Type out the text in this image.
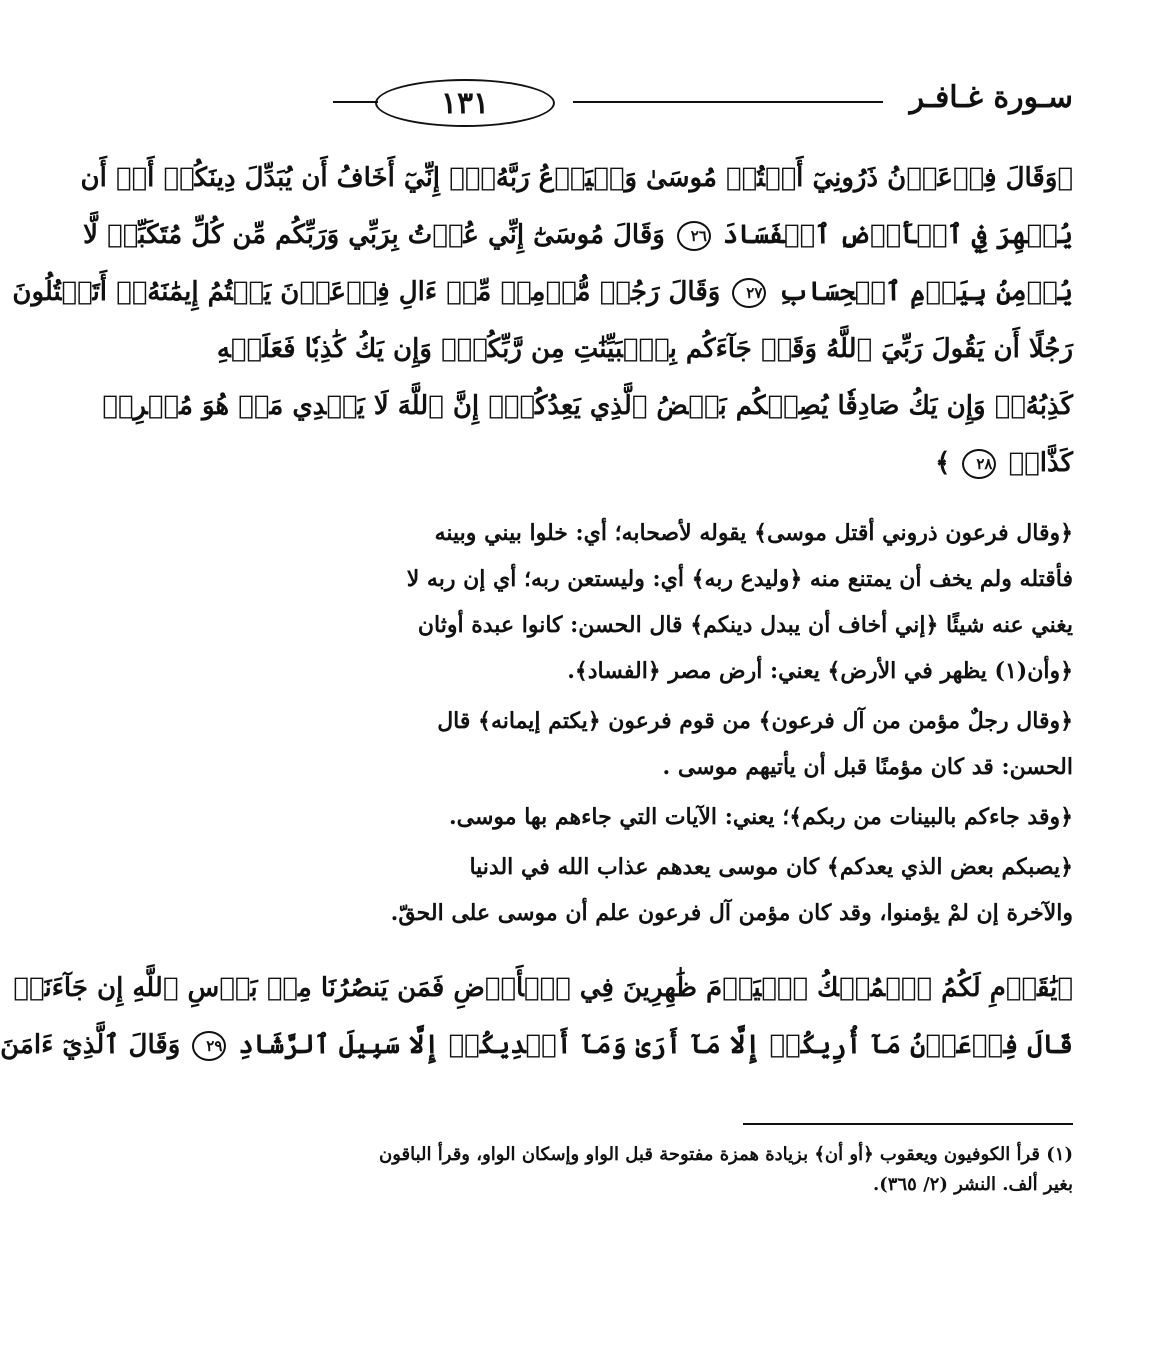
١٣١	سـورة غـافـر
﴿وَقَالَ فِرۡعَوۡنُ ذَرُونِيٓ أَقۡتُلۡ مُوسَىٰ وَلۡيَدۡعُ رَبَّهُۥٓۖ إِنِّيٓ أَخَافُ أَن يُبَدِّلَ دِينَكُمۡ أَوۡ أَن
يُظۡهِرَ فِي ٱلۡأَرۡضِ ٱلۡفَسَادَ ٢٦ وَقَالَ مُوسَىٰٓ إِنِّي عُذۡتُ بِرَبِّي وَرَبِّكُم مِّن كُلِّ مُتَكَبِّرٖ لَّا
يُؤۡمِنُ بِيَوۡمِ ٱلۡحِسَابِ ٢٧ وَقَالَ رَجُلٞ مُّؤۡمِنٞ مِّنۡ ءَالِ فِرۡعَوۡنَ يَكۡتُمُ إِيمَٰنَهُۥٓ أَتَقۡتُلُونَ
رَجُلًا أَن يَقُولَ رَبِّيَ ٱللَّهُ وَقَدۡ جَآءَكُم بِٱلۡبَيِّنَٰتِ مِن رَّبِّكُمۡۖ وَإِن يَكُ كَٰذِبٗا فَعَلَيۡهِ
كَذِبُهُۥۖ وَإِن يَكُ صَادِقٗا يُصِبۡكُم بَعۡضُ ٱلَّذِي يَعِدُكُمۡۖ إِنَّ ٱللَّهَ لَا يَهۡدِي مَنۡ هُوَ مُسۡرِفٞ
كَذَّابٞ ٢٨ ﴾
﴿وقال فرعون ذروني أقتل موسى﴾ يقوله لأصحابه؛ أي: خلوا بيني وبينه
فأقتله ولم يخف أن يمتنع منه ﴿وليدع ربه﴾ أي: وليستعن ربه؛ أي إن ربه لا
يغني عنه شيئًا ﴿إني أخاف أن يبدل دينكم﴾ قال الحسن: كانوا عبدة أوثان
﴿وأن(١) يظهر في الأرض﴾ يعني: أرض مصر ﴿الفساد﴾.
﴿وقال رجلٌ مؤمن من آل فرعون﴾ من قوم فرعون ﴿يكتم إيمانه﴾ قال
الحسن: قد كان مؤمنًا قبل أن يأتيهم موسى .
﴿وقد جاءكم بالبينات من ربكم﴾؛ يعني: الآيات التي جاءهم بها موسى.
﴿يصبكم بعض الذي يعدكم﴾ كان موسى يعدهم عذاب الله في الدنيا
والآخرة إن لمْ يؤمنوا، وقد كان مؤمن آل فرعون علم أن موسى على الحقّ.
﴿يَٰقَوۡمِ لَكُمُ ٱلۡمُلۡكُ ٱلۡيَوۡمَ ظَٰهِرِينَ فِي ٱلۡأَرۡضِ فَمَن يَنصُرُنَا مِنۢ بَأۡسِ ٱللَّهِ إِن جَآءَنَاۚ
قَالَ فِرۡعَوۡنُ مَآ أُرِيكُمۡ إِلَّا مَآ أَرَىٰ وَمَآ أَهۡدِيكُمۡ إِلَّا سَبِيلَ ٱلرَّشَادِ ٢٩ وَقَالَ ٱلَّذِيٓ ءَامَنَ
(١) قرأ الكوفيون ويعقوب ﴿أو أن﴾ بزيادة همزة مفتوحة قبل الواو وإسكان الواو، وقرأ الباقون
بغير ألف. النشر (٢/ ٣٦٥).
